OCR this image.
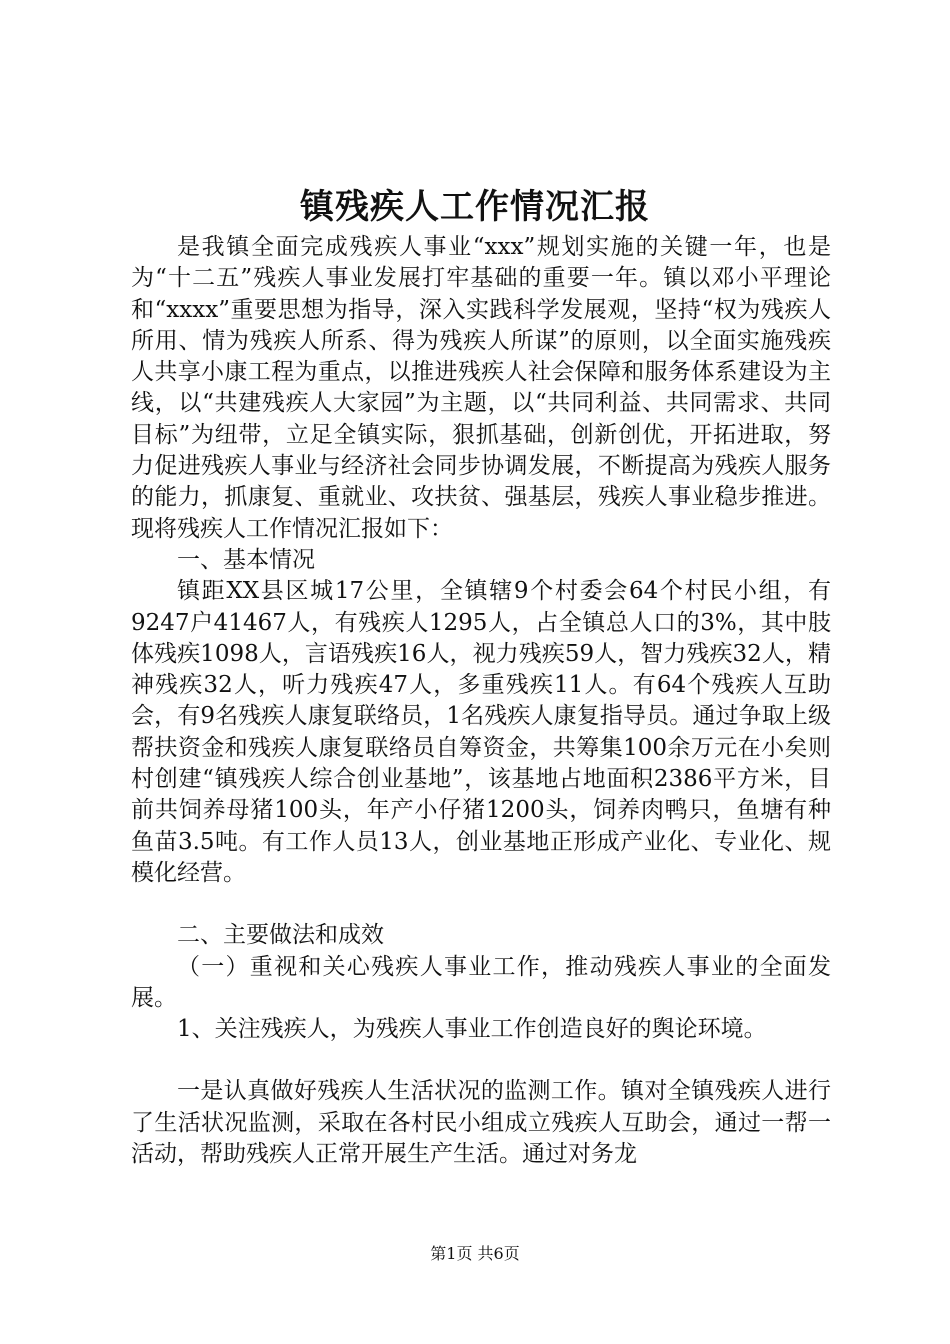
镇残疾人工作情况汇报

是我镇全面完成残疾人事业“xxx”规划实施的关键一年，也是为“十二五”残疾人事业发展打牢基础的重要一年。镇以邓小平理论和“xxxx”重要思想为指导，深入实践科学发展观，坚持“权为残疾人所用、情为残疾人所系、得为残疾人所谋”的原则，以全面实施残疾人共享小康工程为重点，以推进残疾人社会保障和服务体系建设为主线，以“共建残疾人大家园”为主题，以“共同利益、共同需求、共同目标”为纽带，立足全镇实际，狠抓基础，创新创优，开拓进取，努力促进残疾人事业与经济社会同步协调发展，不断提高为残疾人服务的能力，抓康复、重就业、攻扶贫、强基层，残疾人事业稳步推进。现将残疾人工作情况汇报如下：

一、基本情况

镇距XX县区城17公里，全镇辖9个村委会64个村民小组，有9247户41467人，有残疾人1295人，占全镇总人口的3%，其中肢体残疾1098人，言语残疾16人，视力残疾59人，智力残疾32人，精神残疾32人，听力残疾47人，多重残疾11人。有64个残疾人互助会，有9名残疾人康复联络员，1名残疾人康复指导员。通过争取上级帮扶资金和残疾人康复联络员自筹资金，共筹集100余万元在小矣则村创建“镇残疾人综合创业基地”，该基地占地面积2386平方米，目前共饲养母猪100头，年产小仔猪1200头，饲养肉鸭只，鱼塘有种鱼苗3.5吨。有工作人员13人，创业基地正形成产业化、专业化、规模化经营。

二、主要做法和成效

（一）重视和关心残疾人事业工作，推动残疾人事业的全面发展。

1、关注残疾人，为残疾人事业工作创造良好的舆论环境。

一是认真做好残疾人生活状况的监测工作。镇对全镇残疾人进行了生活状况监测，采取在各村民小组成立残疾人互助会，通过一帮一活动，帮助残疾人正常开展生产生活。通过对务龙

第1页 共6页
